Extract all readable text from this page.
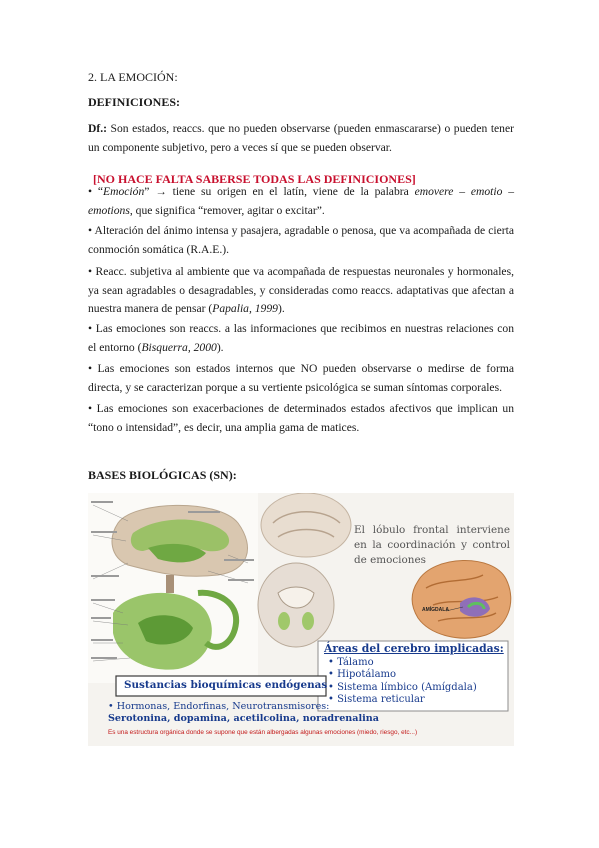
2. LA EMOCIÓN:

DEFINICIONES:

Df.: Son estados, reaccs. que no pueden observarse (pueden enmascararse) o pueden tener un componente subjetivo, pero a veces sí que se pueden observar.

[NO HACE FALTA SABERSE TODAS LAS DEFINICIONES]

• “Emoción” → tiene su origen en el latín, viene de la palabra emovere – emotio – emotions, que significa “remover, agitar o excitar”.

• Alteración del ánimo intensa y pasajera, agradable o penosa, que va acompañada de cierta conmoción somática (R.A.E.).

• Reacc. subjetiva al ambiente que va acompañada de respuestas neuronales y hormonales, ya sean agradables o desagradables, y consideradas como reaccs. adaptativas que afectan a nuestra manera de pensar (Papalia, 1999).

• Las emociones son reaccs. a las informaciones que recibimos en nuestras relaciones con el entorno (Bisquerra, 2000).

• Las emociones son estados internos que NO pueden observarse o medirse de forma directa, y se caracterizan porque a su vertiente psicológica se suman síntomas corporales.

• Las emociones son exacerbaciones de determinados estados afectivos que implican un “tono o intensidad”, es decir, una amplia gama de matices.

BASES BIOLÓGICAS (SN):

El lóbulo frontal interviene en la coordinación y control de emociones
AMÍGDALA
Áreas del cerebro implicadas:
• Tálamo
• Hipotálamo
• Sistema límbico (Amígdala)
• Sistema reticular
Sustancias bioquímicas endógenas
• Hormonas, Endorfinas, Neurotransmisores:
Serotonina, dopamina, acetilcolina, noradrenalina
Es una estructura orgánica donde se supone que están albergadas algunas emociones (miedo, riesgo, etc...)
